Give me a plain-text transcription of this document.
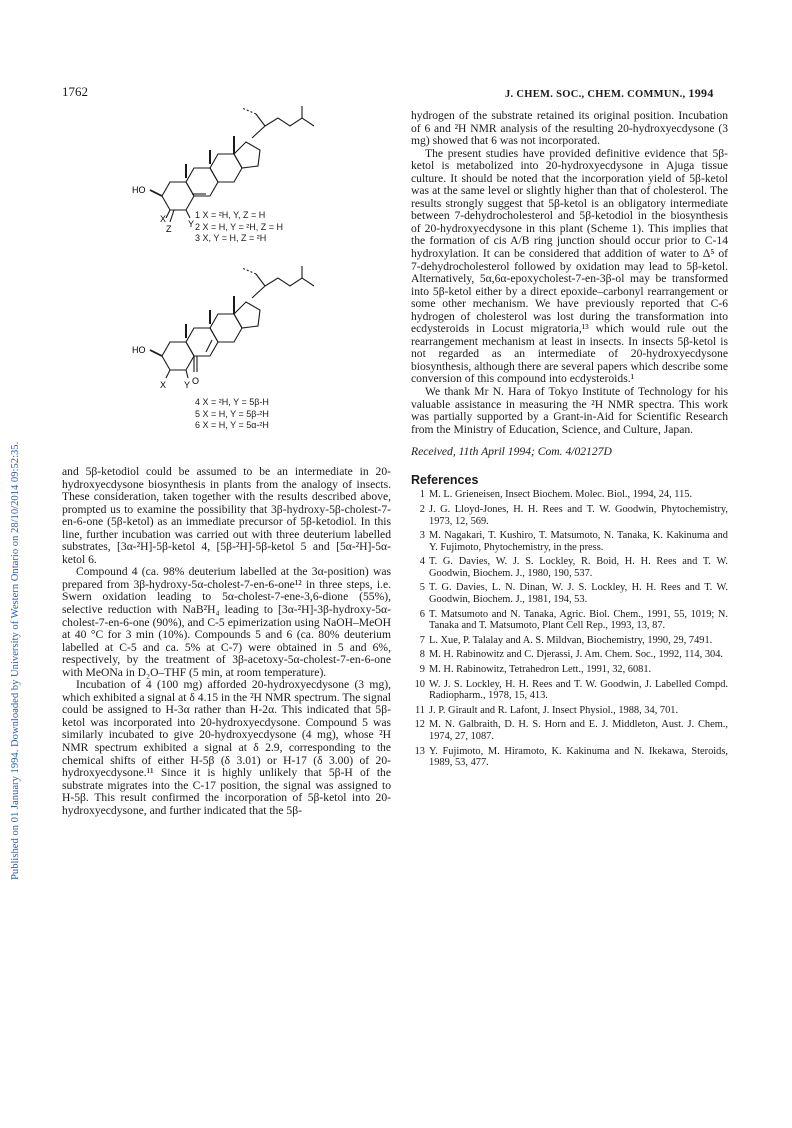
1762	J. CHEM. SOC., CHEM. COMMUN., 1994
Published on 01 January 1994. Downloaded by University of Western Ontario on 28/10/2014 09:52:35.
HO
X
Z Y
1 X = ²H, Y, Z = H
2 X = H, Y = ²H, Z = H
3 X, Y = H, Z = ²H
HO
X Y O
4 X = ²H, Y = 5β-H
5 X = H, Y = 5β-²H
6 X = H, Y = 5α-²H

and 5β-ketodiol could be assumed to be an intermediate in 20-hydroxyecdysone biosynthesis in plants from the analogy of insects. These consideration, taken together with the results described above, prompted us to examine the possibility that 3β-hydroxy-5β-cholest-7-en-6-one (5β-ketol) as an immediate precursor of 5β-ketodiol. In this line, further incubation was carried out with three deuterium labelled substrates, [3α-²H]-5β-ketol 4, [5β-²H]-5β-ketol 5 and [5α-²H]-5α-ketol 6.

Compound 4 (ca. 98% deuterium labelled at the 3α-position) was prepared from 3β-hydroxy-5α-cholest-7-en-6-one¹² in three steps, i.e. Swern oxidation leading to 5α-cholest-7-ene-3,6-dione (55%), selective reduction with NaB²H₄ leading to [3α-²H]-3β-hydroxy-5α-cholest-7-en-6-one (90%), and C-5 epimerization using NaOH–MeOH at 40 °C for 3 min (10%). Compounds 5 and 6 (ca. 80% deuterium labelled at C-5 and ca. 5% at C-7) were obtained in 5 and 6%, respectively, by the treatment of 3β-acetoxy-5α-cholest-7-en-6-one with MeONa in D₂O–THF (5 min, at room temperature).

Incubation of 4 (100 mg) afforded 20-hydroxyecdysone (3 mg), which exhibited a signal at δ 4.15 in the ²H NMR spectrum. The signal could be assigned to H-3α rather than H-2α. This indicated that 5β-ketol was incorporated into 20-hydroxyecdysone. Compound 5 was similarly incubated to give 20-hydroxyecdysone (4 mg), whose ²H NMR spectrum exhibited a signal at δ 2.9, corresponding to the chemical shifts of either H-5β (δ 3.01) or H-17 (δ 3.00) of 20-hydroxyecdysone.¹¹ Since it is highly unlikely that 5β-H of the substrate migrates into the C-17 position, the signal was assigned to H-5β. This result confirmed the incorporation of 5β-ketol into 20-hydroxyecdysone, and further indicated that the 5β-

hydrogen of the substrate retained its original position. Incubation of 6 and ²H NMR analysis of the resulting 20-hydroxyecdysone (3 mg) showed that 6 was not incorporated.

The present studies have provided definitive evidence that 5β-ketol is metabolized into 20-hydroxyecdysone in Ajuga tissue culture. It should be noted that the incorporation yield of 5β-ketol was at the same level or slightly higher than that of cholesterol. The results strongly suggest that 5β-ketol is an obligatory intermediate between 7-dehydrocholesterol and 5β-ketodiol in the biosynthesis of 20-hydroxyecdysone in this plant (Scheme 1). This implies that the formation of cis A/B ring junction should occur prior to C-14 hydroxylation. It can be considered that addition of water to Δ⁵ of 7-dehydrocholesterol followed by oxidation may lead to 5β-ketol. Alternatively, 5α,6α-epoxycholest-7-en-3β-ol may be transformed into 5β-ketol either by a direct epoxide–carbonyl rearrangement or some other mechanism. We have previously reported that C-6 hydrogen of cholesterol was lost during the transformation into ecdysteroids in Locust migratoria,¹³ which would rule out the rearrangement mechanism at least in insects. In insects 5β-ketol is not regarded as an intermediate of 20-hydroxyecdysone biosynthesis, although there are several papers which describe some conversion of this compound into ecdysteroids.¹

We thank Mr N. Hara of Tokyo Institute of Technology for his valuable assistance in measuring the ²H NMR spectra. This work was partially supported by a Grant-in-Aid for Scientific Research from the Ministry of Education, Science, and Culture, Japan.

Received, 11th April 1994; Com. 4/02127D

References

1 M. L. Grieneisen, Insect Biochem. Molec. Biol., 1994, 24, 115.
2 J. G. Lloyd-Jones, H. H. Rees and T. W. Goodwin, Phytochemistry, 1973, 12, 569.
3 M. Nagakari, T. Kushiro, T. Matsumoto, N. Tanaka, K. Kakinuma and Y. Fujimoto, Phytochemistry, in the press.
4 T. G. Davies, W. J. S. Lockley, R. Boid, H. H. Rees and T. W. Goodwin, Biochem. J., 1980, 190, 537.
5 T. G. Davies, L. N. Dinan, W. J. S. Lockley, H. H. Rees and T. W. Goodwin, Biochem. J., 1981, 194, 53.
6 T. Matsumoto and N. Tanaka, Agric. Biol. Chem., 1991, 55, 1019; N. Tanaka and T. Matsumoto, Plant Cell Rep., 1993, 13, 87.
7 L. Xue, P. Talalay and A. S. Mildvan, Biochemistry, 1990, 29, 7491.
8 M. H. Rabinowitz and C. Djerassi, J. Am. Chem. Soc., 1992, 114, 304.
9 M. H. Rabinowitz, Tetrahedron Lett., 1991, 32, 6081.
10 W. J. S. Lockley, H. H. Rees and T. W. Goodwin, J. Labelled Compd. Radiopharm., 1978, 15, 413.
11 J. P. Girault and R. Lafont, J. Insect Physiol., 1988, 34, 701.
12 M. N. Galbraith, D. H. S. Horn and E. J. Middleton, Aust. J. Chem., 1974, 27, 1087.
13 Y. Fujimoto, M. Hiramoto, K. Kakinuma and N. Ikekawa, Steroids, 1989, 53, 477.
